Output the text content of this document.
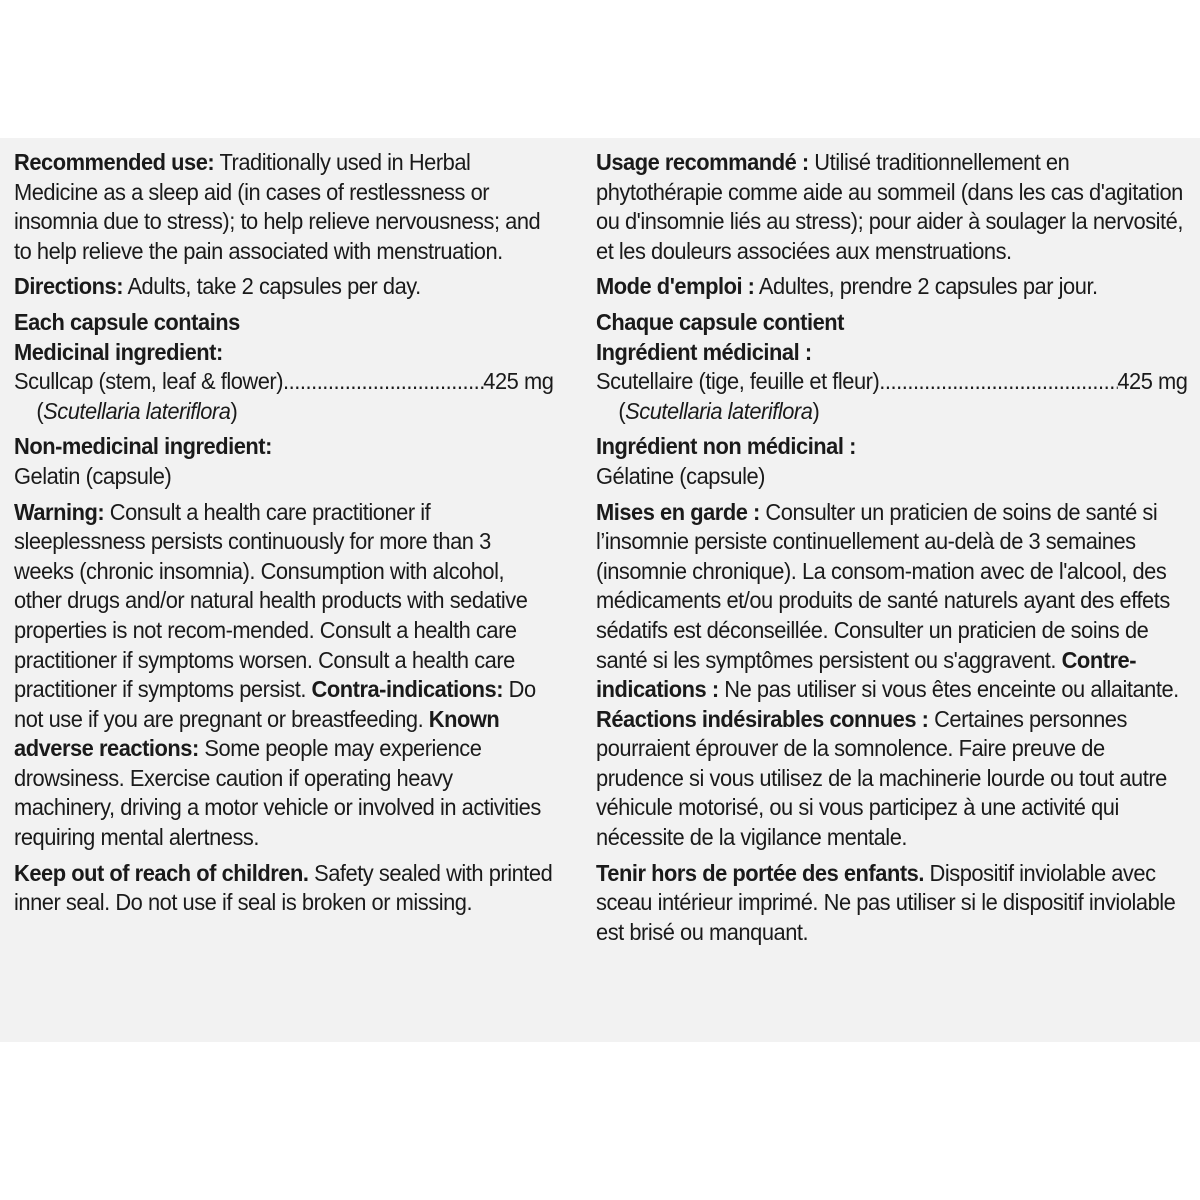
Recommended use: Traditionally used in Herbal Medicine as a sleep aid (in cases of restlessness or insomnia due to stress); to help relieve nervousness; and to help relieve the pain associated with menstruation.
Directions: Adults, take 2 capsules per day.
Each capsule contains
Medicinal ingredient:
Scullcap (stem, leaf & flower) .....	425 mg
(Scutellaria lateriflora)
Non-medicinal ingredient:
Gelatin (capsule)
Warning: Consult a health care practitioner if sleeplessness persists continuously for more than 3 weeks (chronic insomnia). Consumption with alcohol, other drugs and/or natural health products with sedative properties is not recom-mended. Consult a health care practitioner if symptoms worsen. Consult a health care practitioner if symptoms persist. Contra-indications: Do not use if you are pregnant or breastfeeding. Known adverse reactions: Some people may experience drowsiness. Exercise caution if operating heavy machinery, driving a motor vehicle or involved in activities requiring mental alertness.
Keep out of reach of children. Safety sealed with printed inner seal. Do not use if seal is broken or missing.
Usage recommandé : Utilisé traditionnellement en phytothérapie comme aide au sommeil (dans les cas d'agitation ou d'insomnie liés au stress); pour aider à soulager la nervosité, et les douleurs associées aux menstruations.
Mode d'emploi : Adultes, prendre 2 capsules par jour.
Chaque capsule contient
Ingrédient médicinal :
Scutellaire (tige, feuille et fleur) .....	425 mg
(Scutellaria lateriflora)
Ingrédient non médicinal :
Gélatine (capsule)
Mises en garde : Consulter un praticien de soins de santé si l’insomnie persiste continuellement au-delà de 3 semaines (insomnie chronique). La consom-mation avec de l'alcool, des médicaments et/ou produits de santé naturels ayant des effets sédatifs est déconseillée. Consulter un praticien de soins de santé si les symptômes persistent ou s'aggravent. Contre-indications : Ne pas utiliser si vous êtes enceinte ou allaitante. Réactions indésirables connues : Certaines personnes pourraient éprouver de la somnolence. Faire preuve de prudence si vous utilisez de la machinerie lourde ou tout autre véhicule motorisé, ou si vous participez à une activité qui nécessite de la vigilance mentale.
Tenir hors de portée des enfants. Dispositif inviolable avec sceau intérieur imprimé. Ne pas utiliser si le dispositif inviolable est brisé ou manquant.
